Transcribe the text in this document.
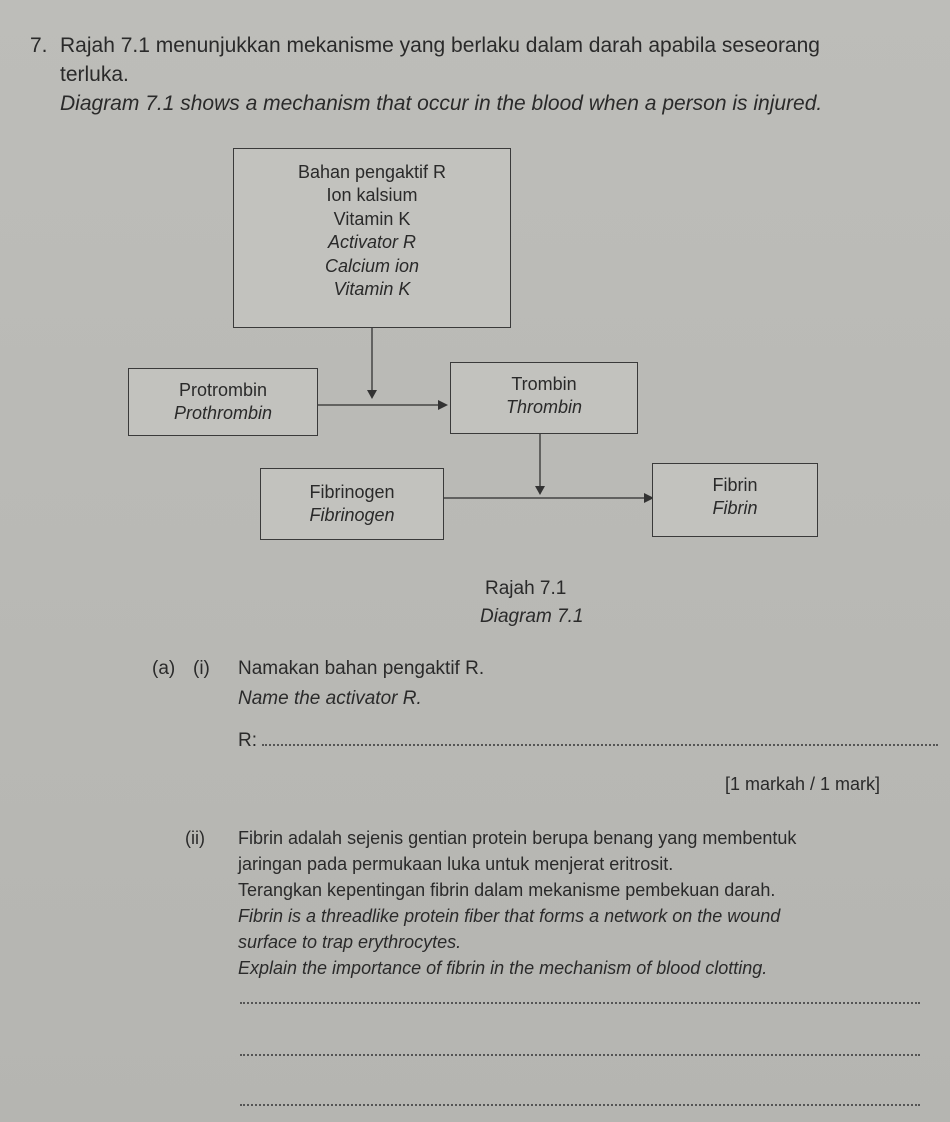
7. Rajah 7.1 menunjukkan mekanisme yang berlaku dalam darah apabila seseorang
terluka.
Diagram 7.1 shows a mechanism that occur in the blood when a person is injured.
Bahan pengaktif R
Ion kalsium
Vitamin K
Activator R
Calcium ion
Vitamin K
Protrombin
Prothrombin
Trombin
Thrombin
Fibrinogen
Fibrinogen
Fibrin
Fibrin
Rajah 7.1
Diagram 7.1
(a) (i) Namakan bahan pengaktif R.
Name the activator R.
R:
[1 markah / 1 mark]
(ii) Fibrin adalah sejenis gentian protein berupa benang yang membentuk
jaringan pada permukaan luka untuk menjerat eritrosit.
Terangkan kepentingan fibrin dalam mekanisme pembekuan darah.
Fibrin is a threadlike protein fiber that forms a network on the wound
surface to trap erythrocytes.
Explain the importance of fibrin in the mechanism of blood clotting.
